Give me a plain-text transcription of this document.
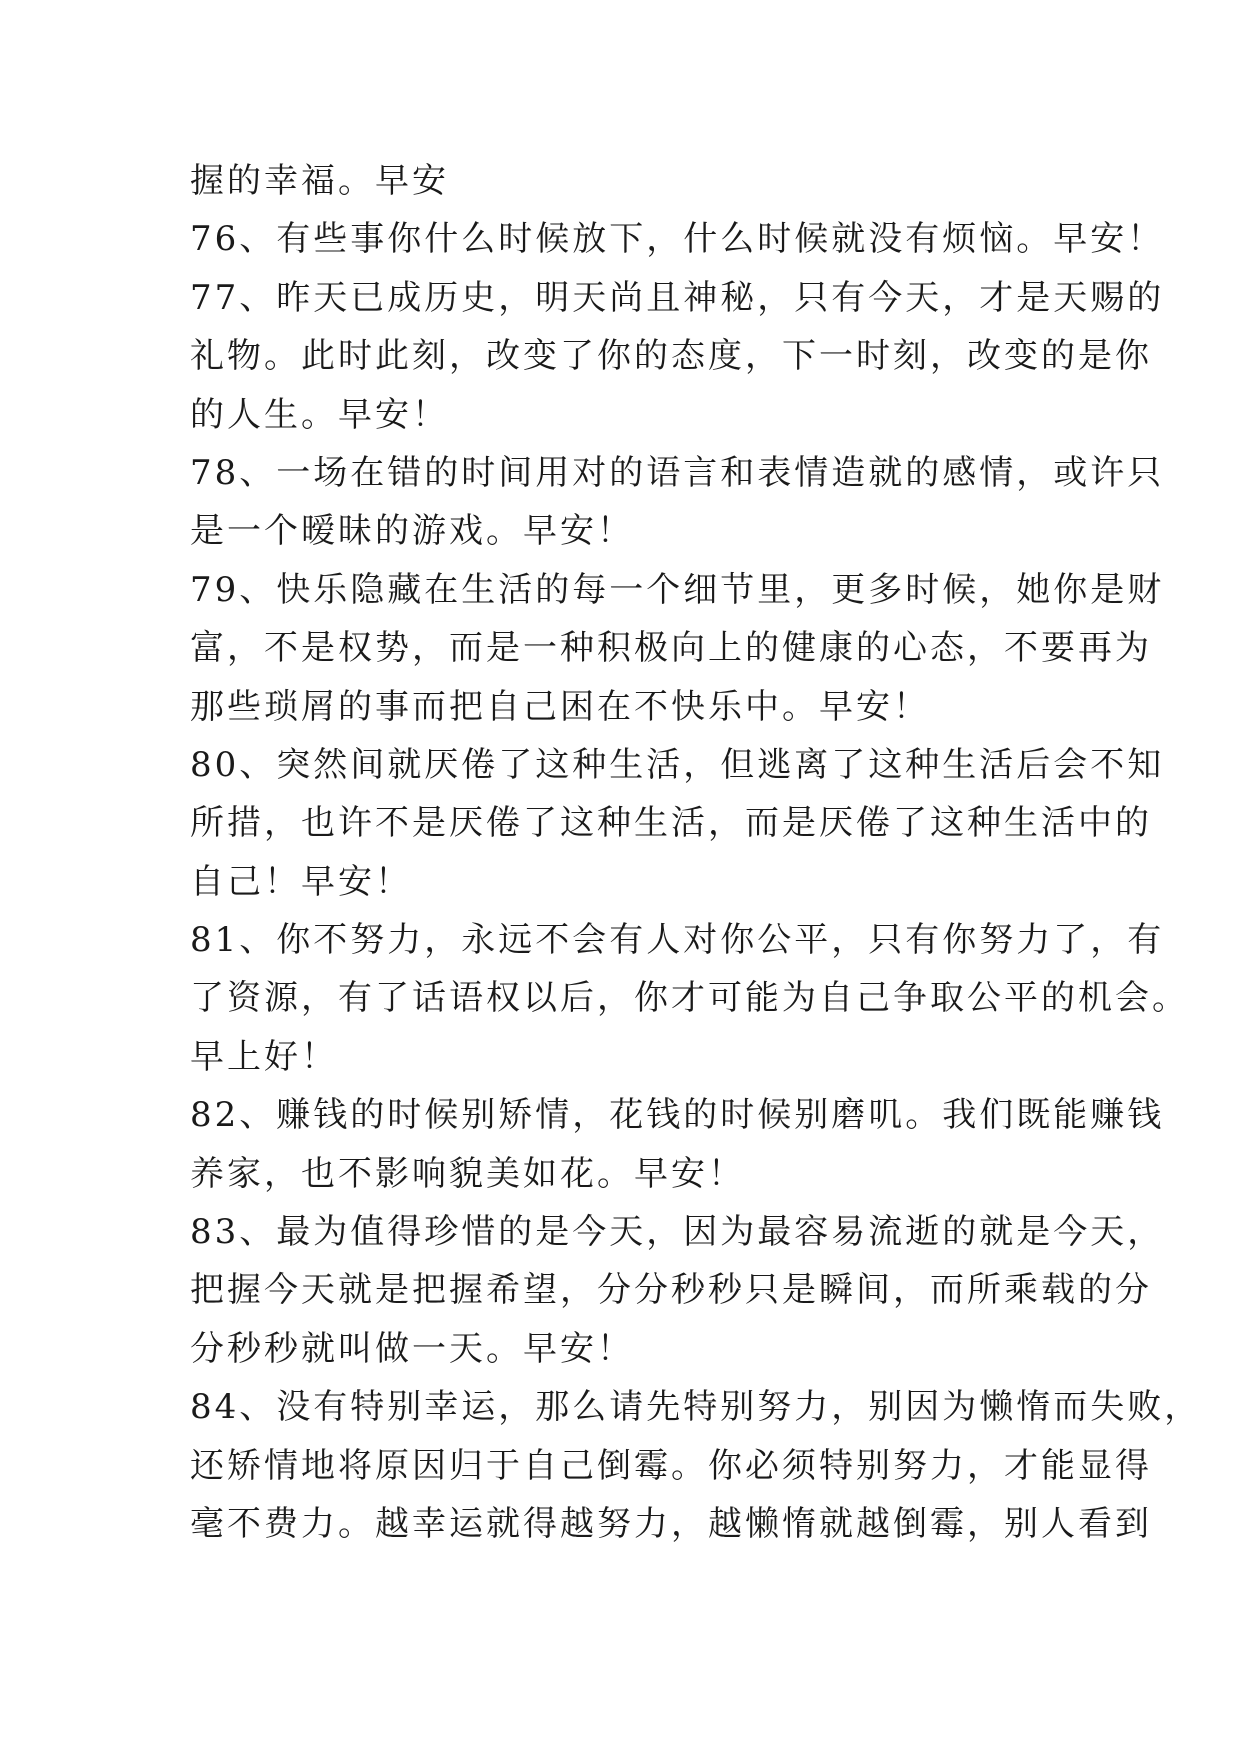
握的幸福。早安
76、有些事你什么时候放下，什么时候就没有烦恼。早安！
77、昨天已成历史，明天尚且神秘，只有今天，才是天赐的
礼物。此时此刻，改变了你的态度，下一时刻，改变的是你
的人生。早安！
78、一场在错的时间用对的语言和表情造就的感情，或许只
是一个暧昧的游戏。早安！
79、快乐隐藏在生活的每一个细节里，更多时候，她你是财
富，不是权势，而是一种积极向上的健康的心态，不要再为
那些琐屑的事而把自己困在不快乐中。早安！
80、突然间就厌倦了这种生活，但逃离了这种生活后会不知
所措，也许不是厌倦了这种生活，而是厌倦了这种生活中的
自己！早安！
81、你不努力，永远不会有人对你公平，只有你努力了，有
了资源，有了话语权以后，你才可能为自己争取公平的机会。
早上好！
82、赚钱的时候别矫情，花钱的时候别磨叽。我们既能赚钱
养家，也不影响貌美如花。早安！
83、最为值得珍惜的是今天，因为最容易流逝的就是今天，
把握今天就是把握希望，分分秒秒只是瞬间，而所乘载的分
分秒秒就叫做一天。早安！
84、没有特别幸运，那么请先特别努力，别因为懒惰而失败，
还矫情地将原因归于自己倒霉。你必须特别努力，才能显得
毫不费力。越幸运就得越努力，越懒惰就越倒霉，别人看到
